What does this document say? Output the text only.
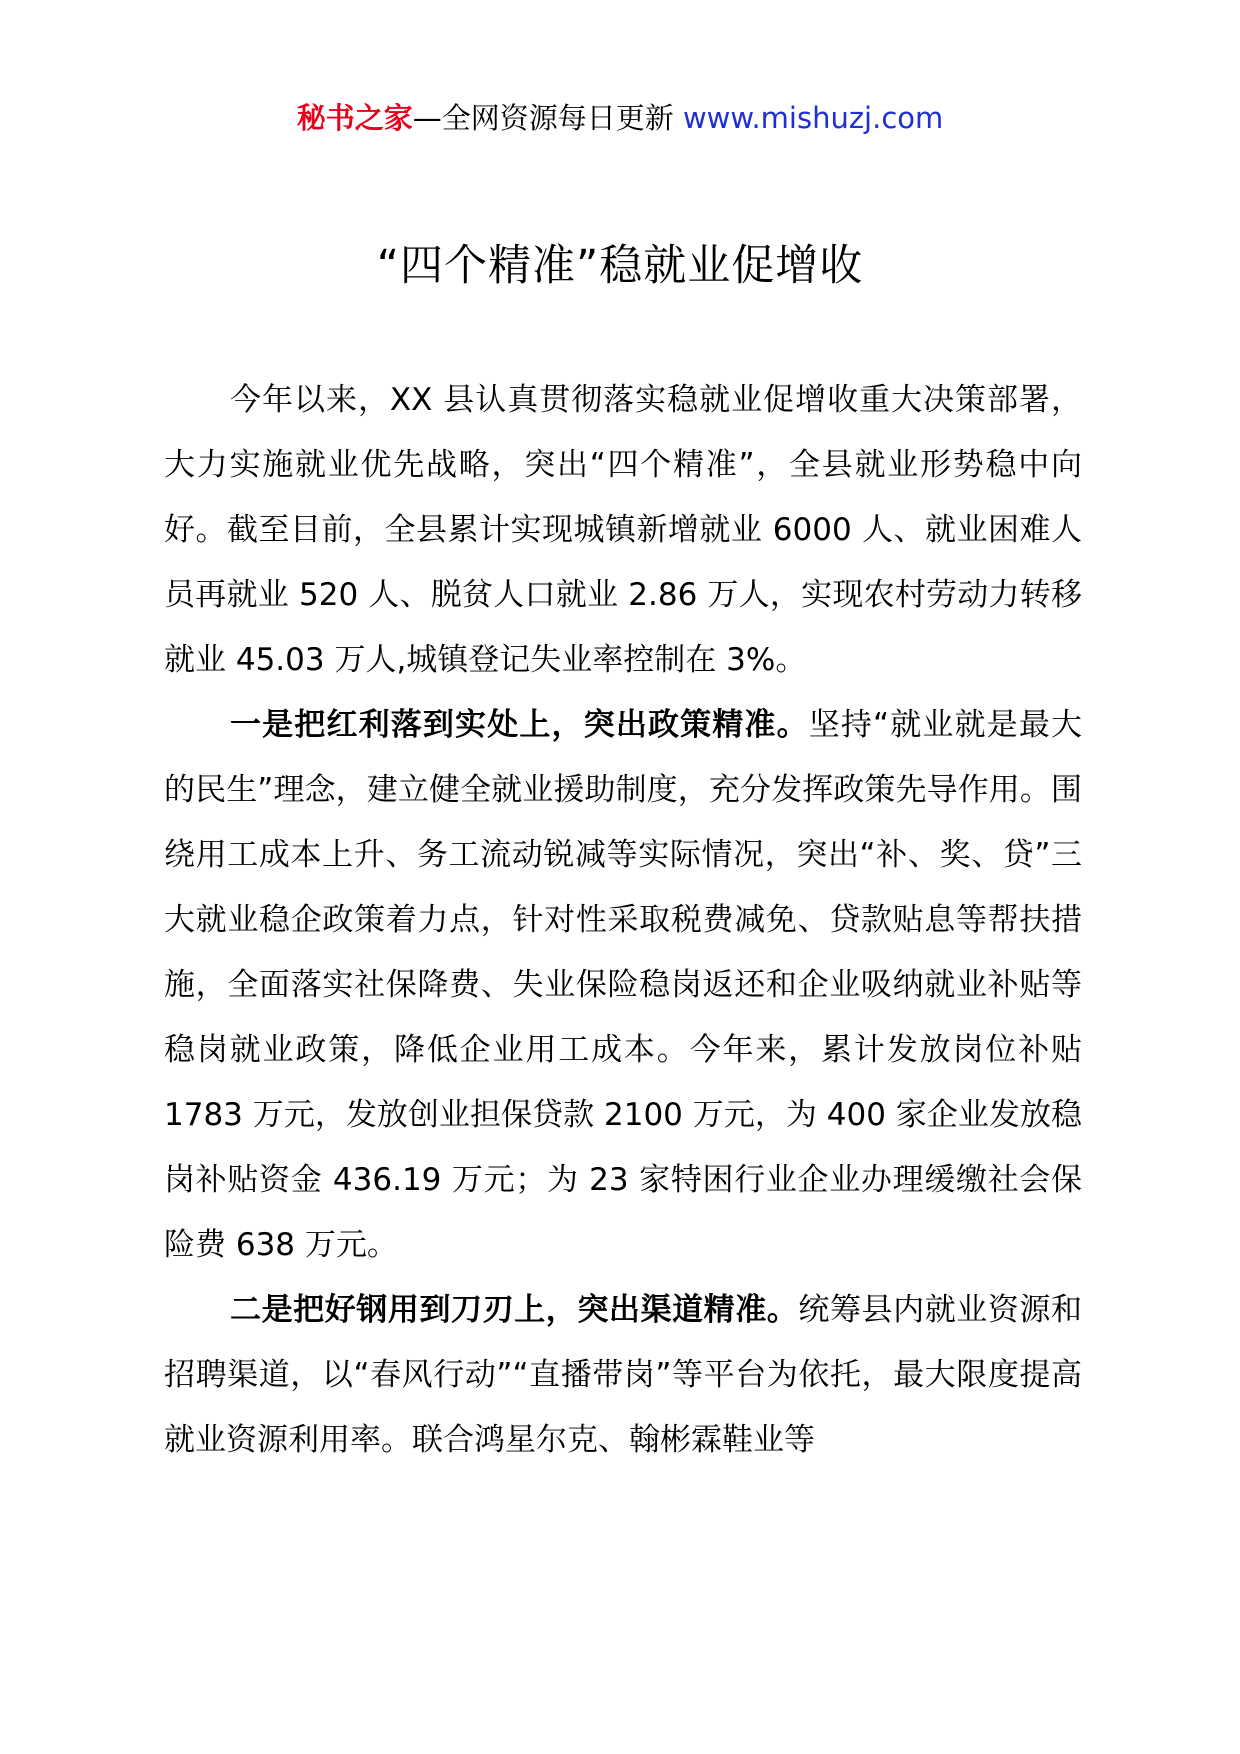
秘书之家—全网资源每日更新 www.mishuzj.com
“四个精准”稳就业促增收

今年以来，XX 县认真贯彻落实稳就业促增收重大决策部署，大力实施就业优先战略，突出“四个精准”，全县就业形势稳中向好。截至目前，全县累计实现城镇新增就业 6000 人、就业困难人员再就业 520 人、脱贫人口就业 2.86 万人，实现农村劳动力转移就业 45.03 万人,城镇登记失业率控制在 3%。

一是把红利落到实处上，突出政策精准。坚持“就业就是最大的民生”理念，建立健全就业援助制度，充分发挥政策先导作用。围绕用工成本上升、务工流动锐减等实际情况，突出“补、奖、贷”三大就业稳企政策着力点，针对性采取税费减免、贷款贴息等帮扶措施，全面落实社保降费、失业保险稳岗返还和企业吸纳就业补贴等稳岗就业政策，降低企业用工成本。今年来，累计发放岗位补贴 1783 万元，发放创业担保贷款 2100 万元，为 400 家企业发放稳岗补贴资金 436.19 万元；为 23 家特困行业企业办理缓缴社会保险费 638 万元。

二是把好钢用到刀刃上，突出渠道精准。统筹县内就业资源和招聘渠道，以“春风行动”“直播带岗”等平台为依托，最大限度提高就业资源利用率。联合鸿星尔克、翰彬霖鞋业等
